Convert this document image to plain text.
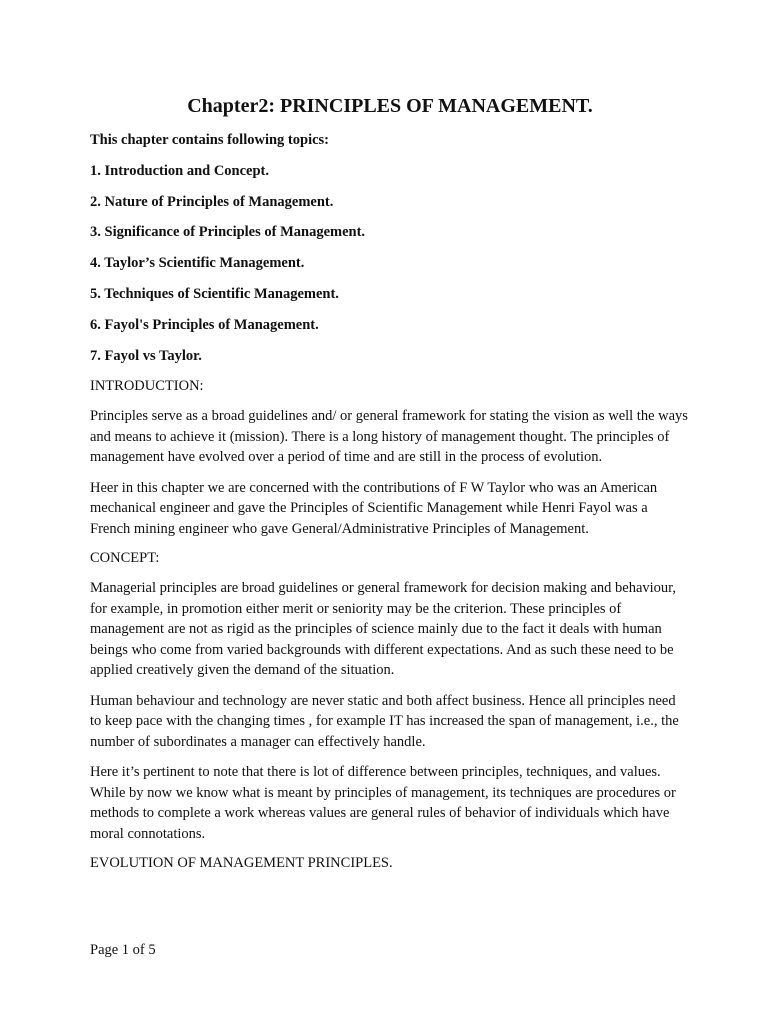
Chapter2: PRINCIPLES OF MANAGEMENT.
This chapter contains following topics:
1. Introduction and Concept.
2. Nature of Principles of Management.
3. Significance of Principles of Management.
4. Taylor’s Scientific Management.
5. Techniques of Scientific Management.
6. Fayol's Principles of Management.
7. Fayol vs Taylor.
INTRODUCTION:

Principles serve as a broad guidelines and/ or general framework for stating the vision as well the ways and means to achieve it (mission). There is a long history of management thought. The principles of management have evolved over a period of time and are still in the process of evolution.

Heer in this chapter we are concerned with the contributions of F W Taylor who was an American mechanical engineer and gave the Principles of Scientific Management while Henri Fayol was a French mining engineer who gave General/Administrative Principles of Management.

CONCEPT:

Managerial principles are broad guidelines or general framework for decision making and behaviour, for example, in promotion either merit or seniority may be the criterion. These principles of management are not as rigid as the principles of science mainly due to the fact it deals with human beings who come from varied backgrounds with different expectations. And as such these need to be applied creatively given the demand of the situation.

Human behaviour and technology are never static and both affect business. Hence all principles need to keep pace with the changing times , for example IT has increased the span of management, i.e., the number of subordinates a manager can effectively handle.

Here it’s pertinent to note that there is lot of difference between principles, techniques, and values. While by now we know what is meant by principles of management, its techniques are procedures or methods to complete a work whereas values are general rules of behavior of individuals which have moral connotations.

EVOLUTION OF MANAGEMENT PRINCIPLES.
Page 1 of 5
